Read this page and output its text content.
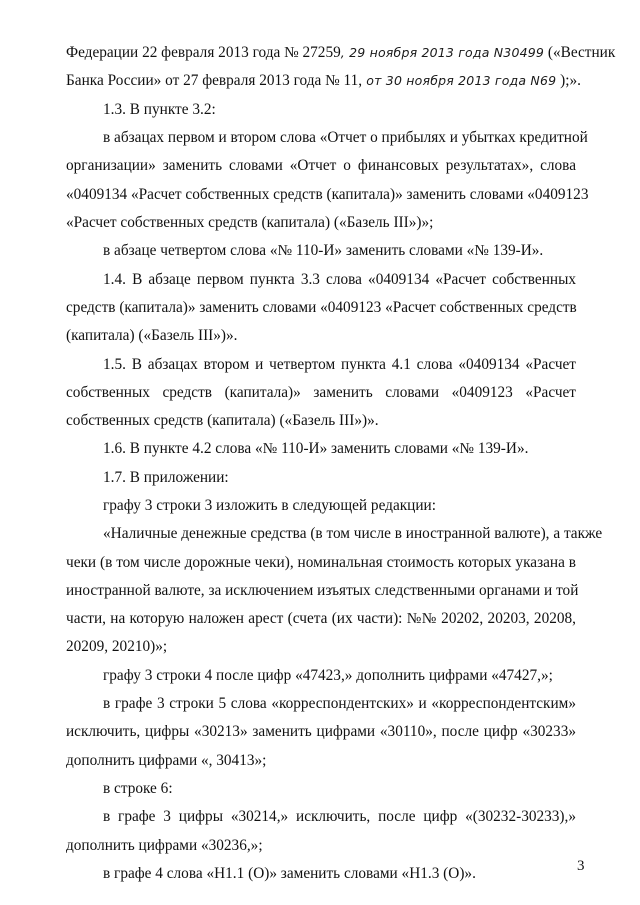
Федерации 22 февраля 2013 года № 27259, 29 ноября 2013 года N30499 («Вестник
Банка России» от 27 февраля 2013 года № 11, от 30 ноября 2013 года N69 );».
1.3. В пункте 3.2:
в абзацах первом и втором слова «Отчет о прибылях и убытках кредитной
организации» заменить словами «Отчет о финансовых результатах», слова
«0409134 «Расчет собственных средств (капитала)» заменить словами «0409123
«Расчет собственных средств (капитала) («Базель III»)»;
в абзаце четвертом слова «№ 110-И» заменить словами «№ 139-И».
1.4. В абзаце первом пункта 3.3 слова «0409134 «Расчет собственных
средств (капитала)» заменить словами «0409123 «Расчет собственных средств
(капитала) («Базель III»)».
1.5. В абзацах втором и четвертом пункта 4.1 слова «0409134 «Расчет
собственных средств (капитала)» заменить словами «0409123 «Расчет
собственных средств (капитала) («Базель III»)».
1.6. В пункте 4.2 слова «№ 110-И» заменить словами «№ 139-И».
1.7. В приложении:
графу 3 строки 3 изложить в следующей редакции:
«Наличные денежные средства (в том числе в иностранной валюте), а также
чеки (в том числе дорожные чеки), номинальная стоимость которых указана в
иностранной валюте, за исключением изъятых следственными органами и той
части, на которую наложен арест (счета (их части): №№ 20202, 20203, 20208,
20209, 20210)»;
графу 3 строки 4 после цифр «47423,» дополнить цифрами «47427,»;
в графе 3 строки 5 слова «корреспондентских» и «корреспондентским»
исключить, цифры «30213» заменить цифрами «30110», после цифр «30233»
дополнить цифрами «, 30413»;
в строке 6:
в графе 3 цифры «30214,» исключить, после цифр «(30232-30233),»
дополнить цифрами «30236,»;
в графе 4 слова «Н1.1 (О)» заменить словами «Н1.3 (О)».	3
